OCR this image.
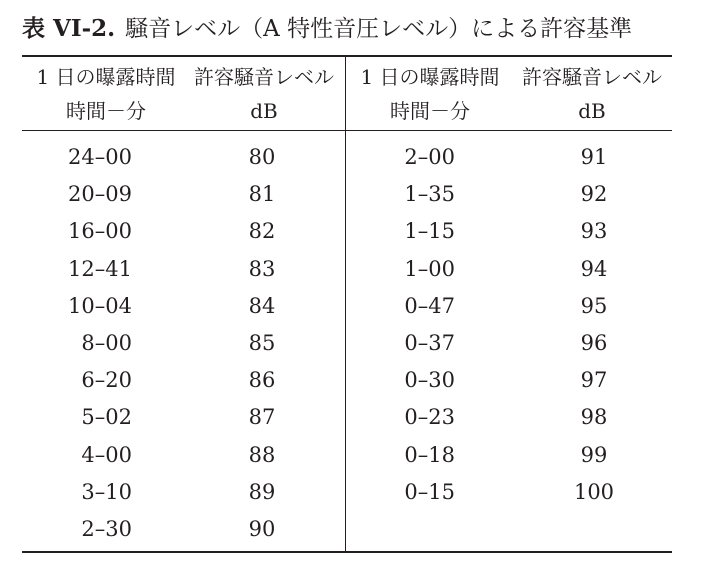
表 VI-2. 騒音レベル（A 特性音圧レベル）による許容基準
1 日の曝露時間
時間－分
許容騒音レベル
dB
1 日の曝露時間
時間－分
許容騒音レベル
dB
24–00
20–09
16–00
12–41
10–04
8–00
6–20
5–02
4–00
3–10
2–30
80
81
82
83
84
85
86
87
88
89
90
2–00
1–35
1–15
1–00
0–47
0–37
0–30
0–23
0–18
0–15
91
92
93
94
95
96
97
98
99
100
